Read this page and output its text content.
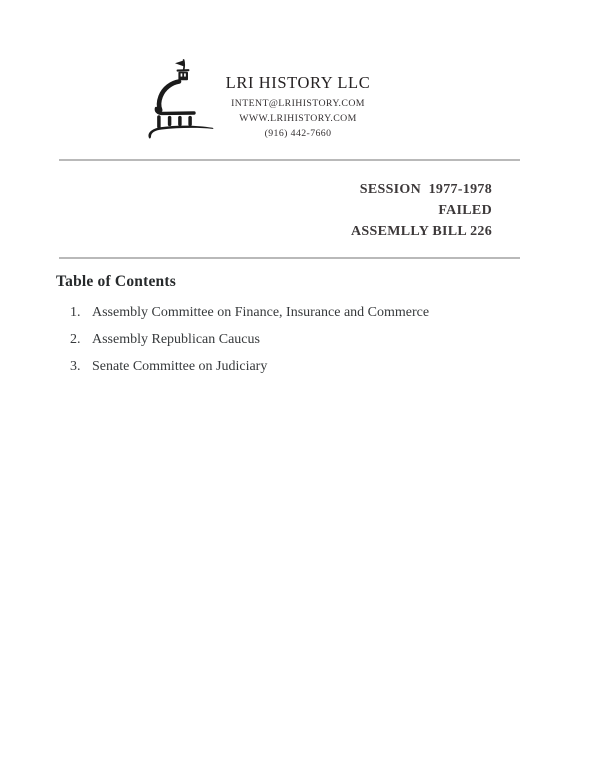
LRI HISTORY LLC
INTENT@LRIHISTORY.COM
WWW.LRIHISTORY.COM
(916) 442-7660
SESSION  1977-1978
FAILED
ASSEMLLY BILL 226
Table of Contents
1. Assembly Committee on Finance, Insurance and Commerce
2. Assembly Republican Caucus
3. Senate Committee on Judiciary
